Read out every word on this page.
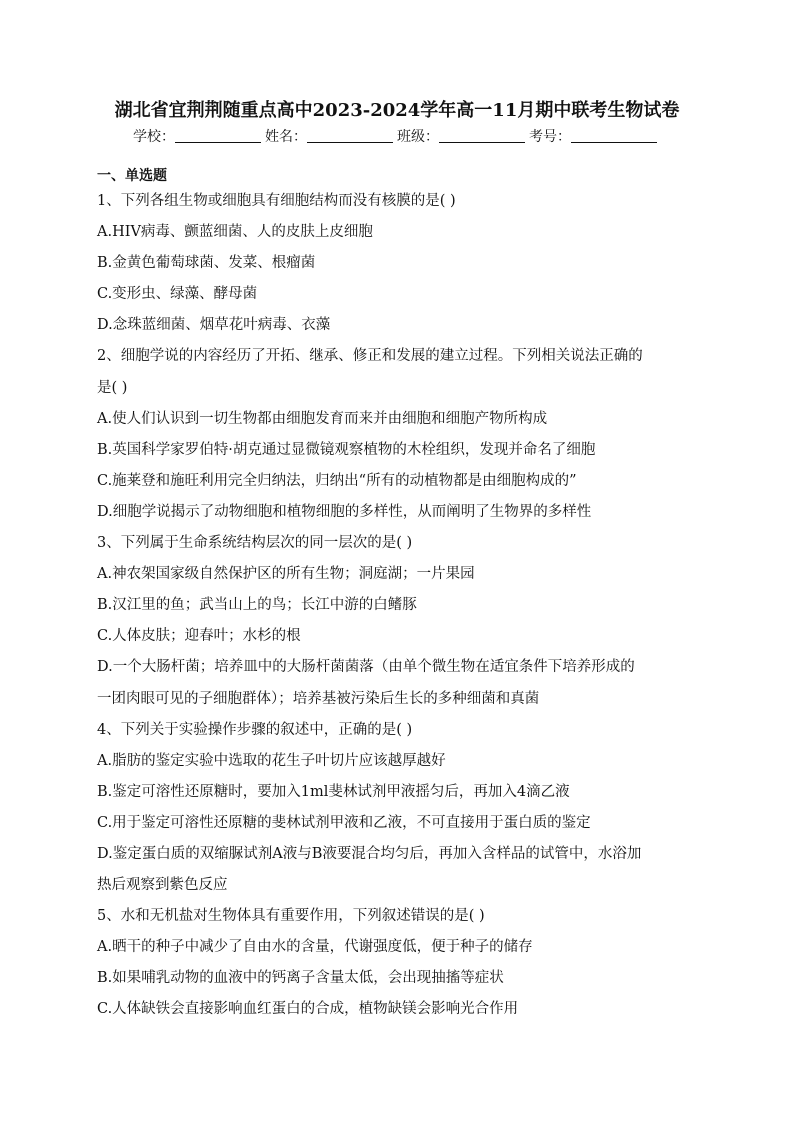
湖北省宜荆荆随重点高中2023-2024学年高一11月期中联考生物试卷
学校：	姓名：	班级：	考号：
一、单选题
1、下列各组生物或细胞具有细胞结构而没有核膜的是( )
A.HIV病毒、颤蓝细菌、人的皮肤上皮细胞
B.金黄色葡萄球菌、发菜、根瘤菌
C.变形虫、绿藻、酵母菌
D.念珠蓝细菌、烟草花叶病毒、衣藻
2、细胞学说的内容经历了开拓、继承、修正和发展的建立过程。下列相关说法正确的
是( )
A.使人们认识到一切生物都由细胞发育而来并由细胞和细胞产物所构成
B.英国科学家罗伯特·胡克通过显微镜观察植物的木栓组织，发现并命名了细胞
C.施莱登和施旺利用完全归纳法，归纳出“所有的动植物都是由细胞构成的”
D.细胞学说揭示了动物细胞和植物细胞的多样性，从而阐明了生物界的多样性
3、下列属于生命系统结构层次的同一层次的是( )
A.神农架国家级自然保护区的所有生物；洞庭湖；一片果园
B.汉江里的鱼；武当山上的鸟；长江中游的白鳍豚
C.人体皮肤；迎春叶；水杉的根
D.一个大肠杆菌；培养皿中的大肠杆菌菌落（由单个微生物在适宜条件下培养形成的
一团肉眼可见的子细胞群体）；培养基被污染后生长的多种细菌和真菌
4、下列关于实验操作步骤的叙述中，正确的是( )
A.脂肪的鉴定实验中选取的花生子叶切片应该越厚越好
B.鉴定可溶性还原糖时，要加入1ml斐林试剂甲液摇匀后，再加入4滴乙液
C.用于鉴定可溶性还原糖的斐林试剂甲液和乙液，不可直接用于蛋白质的鉴定
D.鉴定蛋白质的双缩脲试剂A液与B液要混合均匀后，再加入含样品的试管中，水浴加
热后观察到紫色反应
5、水和无机盐对生物体具有重要作用，下列叙述错误的是( )
A.晒干的种子中减少了自由水的含量，代谢强度低，便于种子的储存
B.如果哺乳动物的血液中的钙离子含量太低，会出现抽搐等症状
C.人体缺铁会直接影响血红蛋白的合成，植物缺镁会影响光合作用
